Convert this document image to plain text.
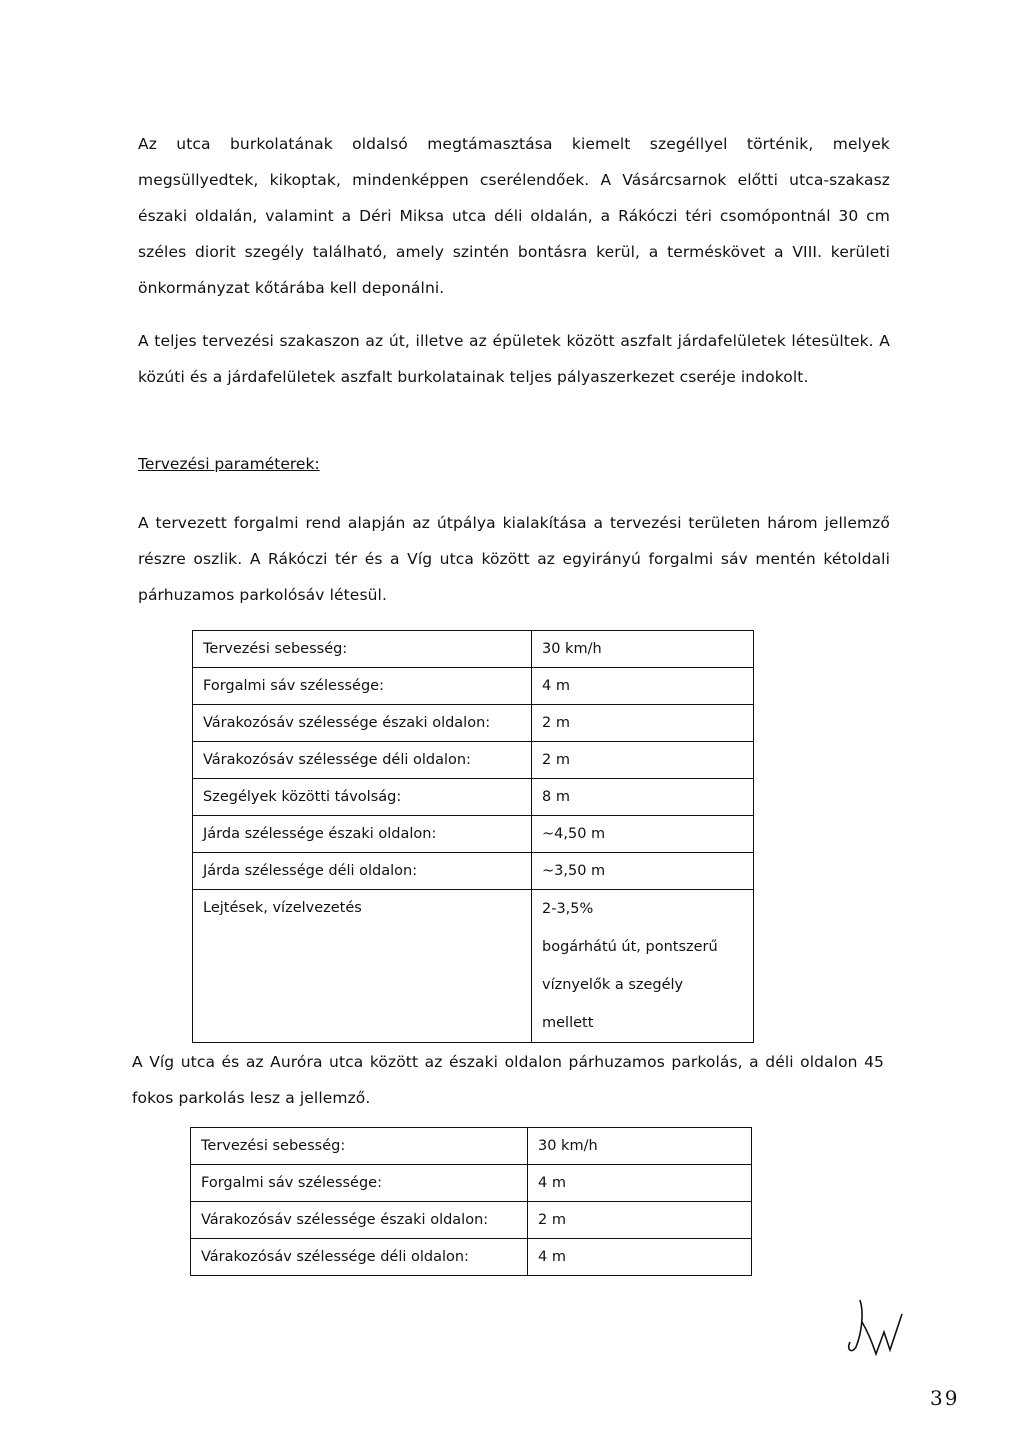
Az utca burkolatának oldalsó megtámasztása kiemelt szegéllyel történik, melyek megsüllyedtek, kikoptak, mindenképpen cserélendőek. A Vásárcsarnok előtti utca-szakasz északi oldalán, valamint a Déri Miksa utca déli oldalán, a Rákóczi téri csomópontnál 30 cm széles diorit szegély található, amely szintén bontásra kerül, a terméskövet a VIII. kerületi önkormányzat kőtárába kell deponálni.
A teljes tervezési szakaszon az út, illetve az épületek között aszfalt járdafelületek létesültek. A közúti és a járdafelületek aszfalt burkolatainak teljes pályaszerkezet cseréje indokolt.
Tervezési paraméterek:
A tervezett forgalmi rend alapján az útpálya kialakítása a tervezési területen három jellemző részre oszlik. A Rákóczi tér és a Víg utca között az egyirányú forgalmi sáv mentén kétoldali párhuzamos parkolósáv létesül.
Tervezési sebesség:	30 km/h
Forgalmi sáv szélessége:	4 m
Várakozósáv szélessége északi oldalon:	2 m
Várakozósáv szélessége déli oldalon:	2 m
Szegélyek közötti távolság:	8 m
Járda szélessége északi oldalon:	~4,50 m
Járda szélessége déli oldalon:	~3,50 m
Lejtések, vízelvezetés	2-3,5%
bogárhátú út, pontszerű
víznyelők a szegély
mellett
A Víg utca és az Auróra utca között az északi oldalon párhuzamos parkolás, a déli oldalon 45 fokos parkolás lesz a jellemző.
Tervezési sebesség:	30 km/h
Forgalmi sáv szélessége:	4 m
Várakozósáv szélessége északi oldalon:	2 m
Várakozósáv szélessége déli oldalon:	4 m
39
